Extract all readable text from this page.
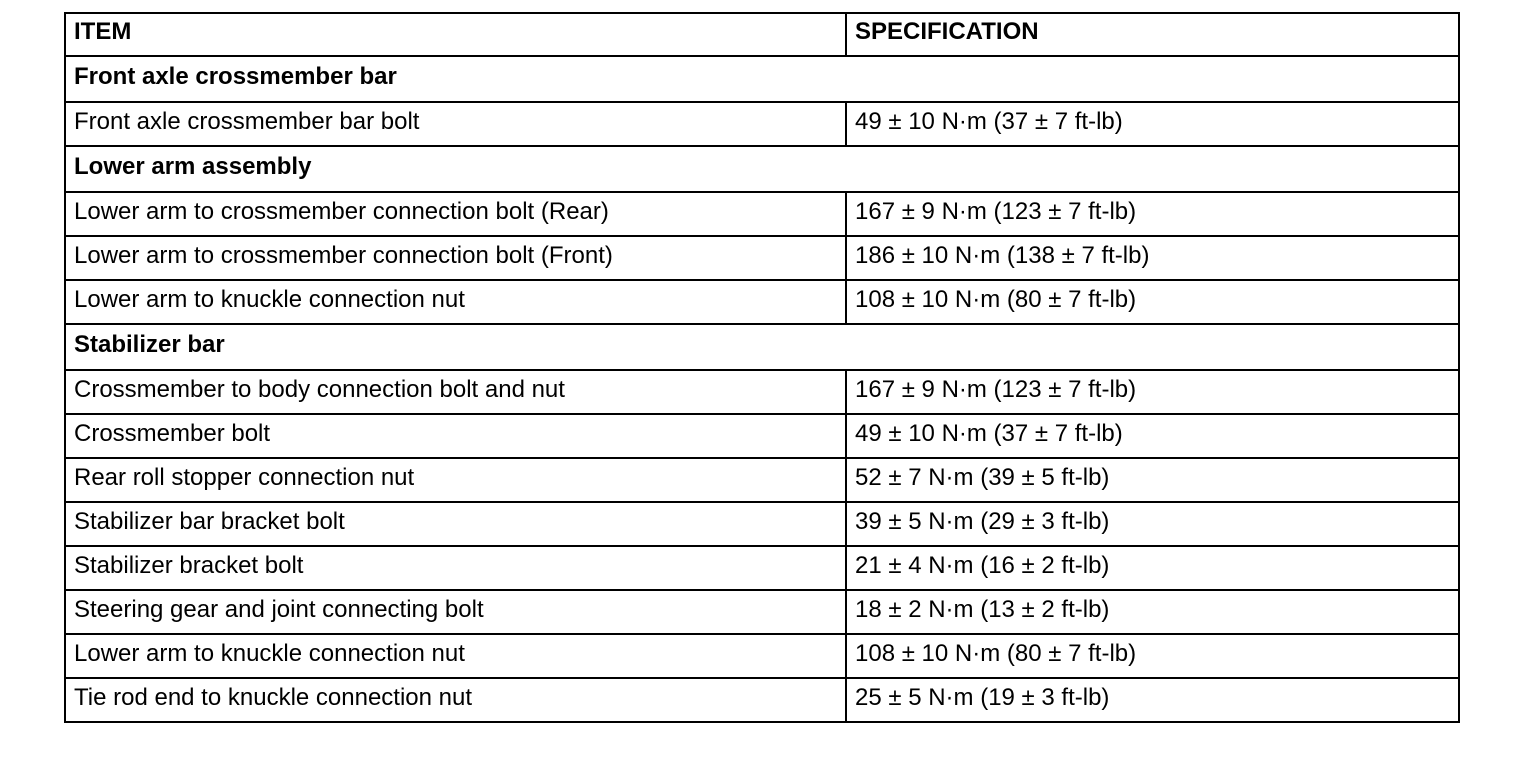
ITEM	SPECIFICATION
Front axle crossmember bar	
Front axle crossmember bar bolt	49 ± 10 N·m (37 ± 7 ft-lb)
Lower arm assembly	
Lower arm to crossmember connection bolt (Rear)	167 ± 9 N·m (123 ± 7 ft-lb)
Lower arm to crossmember connection bolt (Front)	186 ± 10 N·m (138 ± 7 ft-lb)
Lower arm to knuckle connection nut	108 ± 10 N·m (80 ± 7 ft-lb)
Stabilizer bar	
Crossmember to body connection bolt and nut	167 ± 9 N·m (123 ± 7 ft-lb)
Crossmember bolt	49 ± 10 N·m (37 ± 7 ft-lb)
Rear roll stopper connection nut	52 ± 7 N·m (39 ± 5 ft-lb)
Stabilizer bar bracket bolt	39 ± 5 N·m (29 ± 3 ft-lb)
Stabilizer bracket bolt	21 ± 4 N·m (16 ± 2 ft-lb)
Steering gear and joint connecting bolt	18 ± 2 N·m (13 ± 2 ft-lb)
Lower arm to knuckle connection nut	108 ± 10 N·m (80 ± 7 ft-lb)
Tie rod end to knuckle connection nut	25 ± 5 N·m (19 ± 3 ft-lb)
